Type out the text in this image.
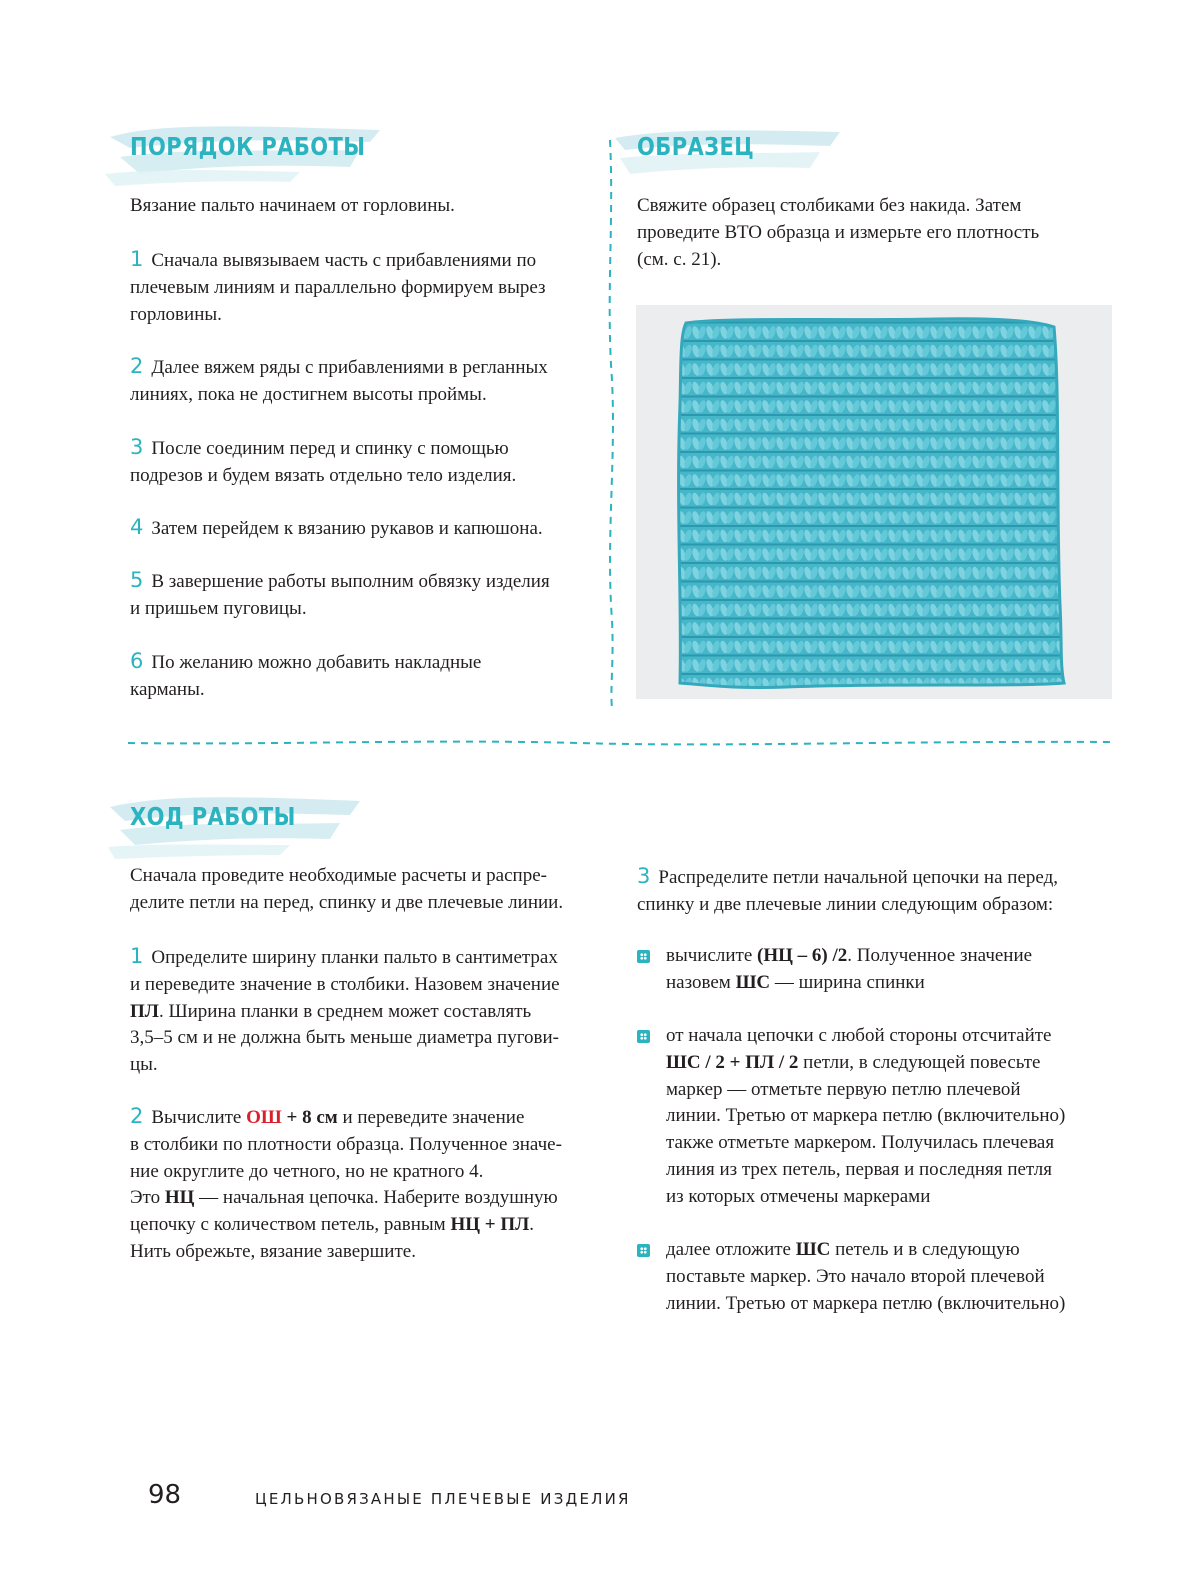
ПОРЯДОК РАБОТЫ	ОБРАЗЕЦ
ХОД РАБОТЫ

Вязание пальто начинаем от горловины.

1 Сначала вывязываем часть с прибавлениями по
плечевым линиям и параллельно формируем вырез
горловины.
2 Далее вяжем ряды с прибавлениями в регланных
линиях, пока не достигнем высоты проймы.
3 После соединим перед и спинку с помощью
подрезов и будем вязать отдельно тело изделия.
4 Затем перейдем к вязанию рукавов и капюшона.
5 В завершение работы выполним обвязку изделия
и пришьем пуговицы.
6 По желанию можно добавить накладные
карманы.
Свяжите образец столбиками без накида. Затем
проведите ВТО образца и измерьте его плотность
(см. с. 21).
Сначала проведите необходимые расчеты и распре-
делите петли на перед, спинку и две плечевые линии.
1 Определите ширину планки пальто в сантиметрах
и переведите значение в столбики. Назовем значение
ПЛ. Ширина планки в среднем может составлять
3,5–5 см и не должна быть меньше диаметра пугови-
цы.
2 Вычислите ОШ + 8 см и переведите значение
в столбики по плотности образца. Полученное значе-
ние округлите до четного, но не кратного 4.
Это НЦ — начальная цепочка. Наберите воздушную
цепочку с количеством петель, равным НЦ + ПЛ.
Нить обрежьте, вязание завершите.
3 Распределите петли начальной цепочки на перед,
спинку и две плечевые линии следующим образом:
вычислите (НЦ – 6) /2. Полученное значение
назовем ШС — ширина спинки
от начала цепочки с любой стороны отсчитайте
ШС / 2 + ПЛ / 2 петли, в следующей повесьте
маркер — отметьте первую петлю плечевой
линии. Третью от маркера петлю (включительно)
также отметьте маркером. Получилась плечевая
линия из трех петель, первая и последняя петля
из которых отмечены маркерами
далее отложите ШС петель и в следующую
поставьте маркер. Это начало второй плечевой
линии. Третью от маркера петлю (включительно)

98	ЦЕЛЬНОВЯЗАНЫЕ ПЛЕЧЕВЫЕ ИЗДЕЛИЯ
